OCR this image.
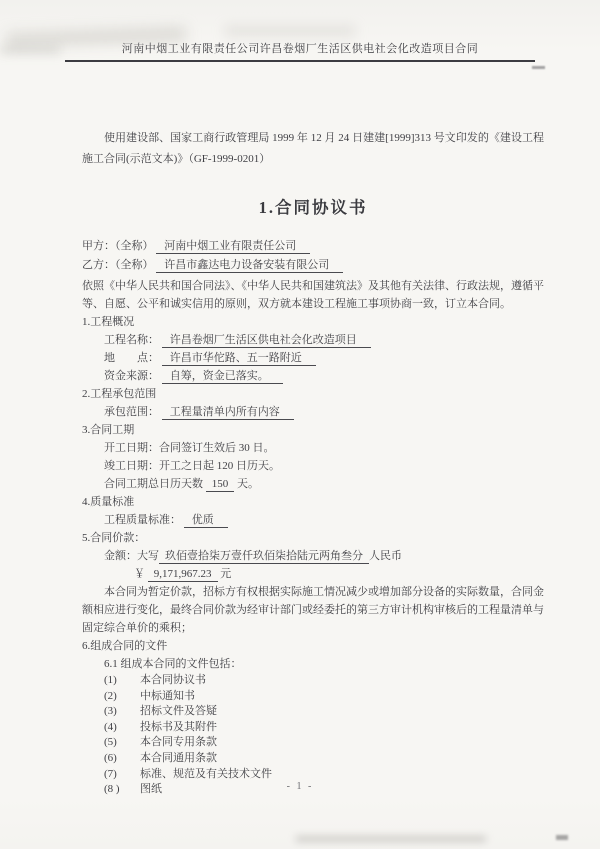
河南中烟工业有限责任公司许昌卷烟厂生活区供电社会化改造项目合同

使用建设部、国家工商行政管理局 1999 年 12 月 24 日建建[1999]313 号文印发的《建设工程施工合同(示范文本)》（GF-1999-0201）

1.合同协议书
甲方：（全称） 河南中烟工业有限责任公司
乙方：（全称） 许昌市鑫达电力设备安装有限公司

依照《中华人民共和国合同法》、《中华人民共和国建筑法》及其他有关法律、行政法规，遵循平等、自愿、公平和诚实信用的原则，双方就本建设工程施工事项协商一致，订立本合同。

1.工程概况
工程名称： 许昌卷烟厂生活区供电社会化改造项目
地　　点： 许昌市华佗路、五一路附近
资金来源： 自筹，资金已落实。
2.工程承包范围
承包范围： 工程量清单内所有内容
3.合同工期
开工日期：合同签订生效后 30 日。
竣工日期：开工之日起 120 日历天。
合同工期总日历天数 150 天。
4.质量标准
工程质量标准： 优质
5.合同价款：
金额：大写 玖佰壹拾柒万壹仟玖佰柒拾陆元两角叁分 人民币
￥ 9,171,967.23 元

本合同为暂定价款，招标方有权根据实际施工情况减少或增加部分设备的实际数量，合同金额相应进行变化，最终合同价款为经审计部门或经委托的第三方审计机构审核后的工程量清单与固定综合单价的乘积；

6.组成合同的文件
6.1 组成本合同的文件包括：
(1) 本合同协议书
(2) 中标通知书
(3) 招标文件及答疑
(4) 投标书及其附件
(5) 本合同专用条款
(6) 本合同通用条款
(7) 标准、规范及有关技术文件
(8 ) 图纸	- 1 -
